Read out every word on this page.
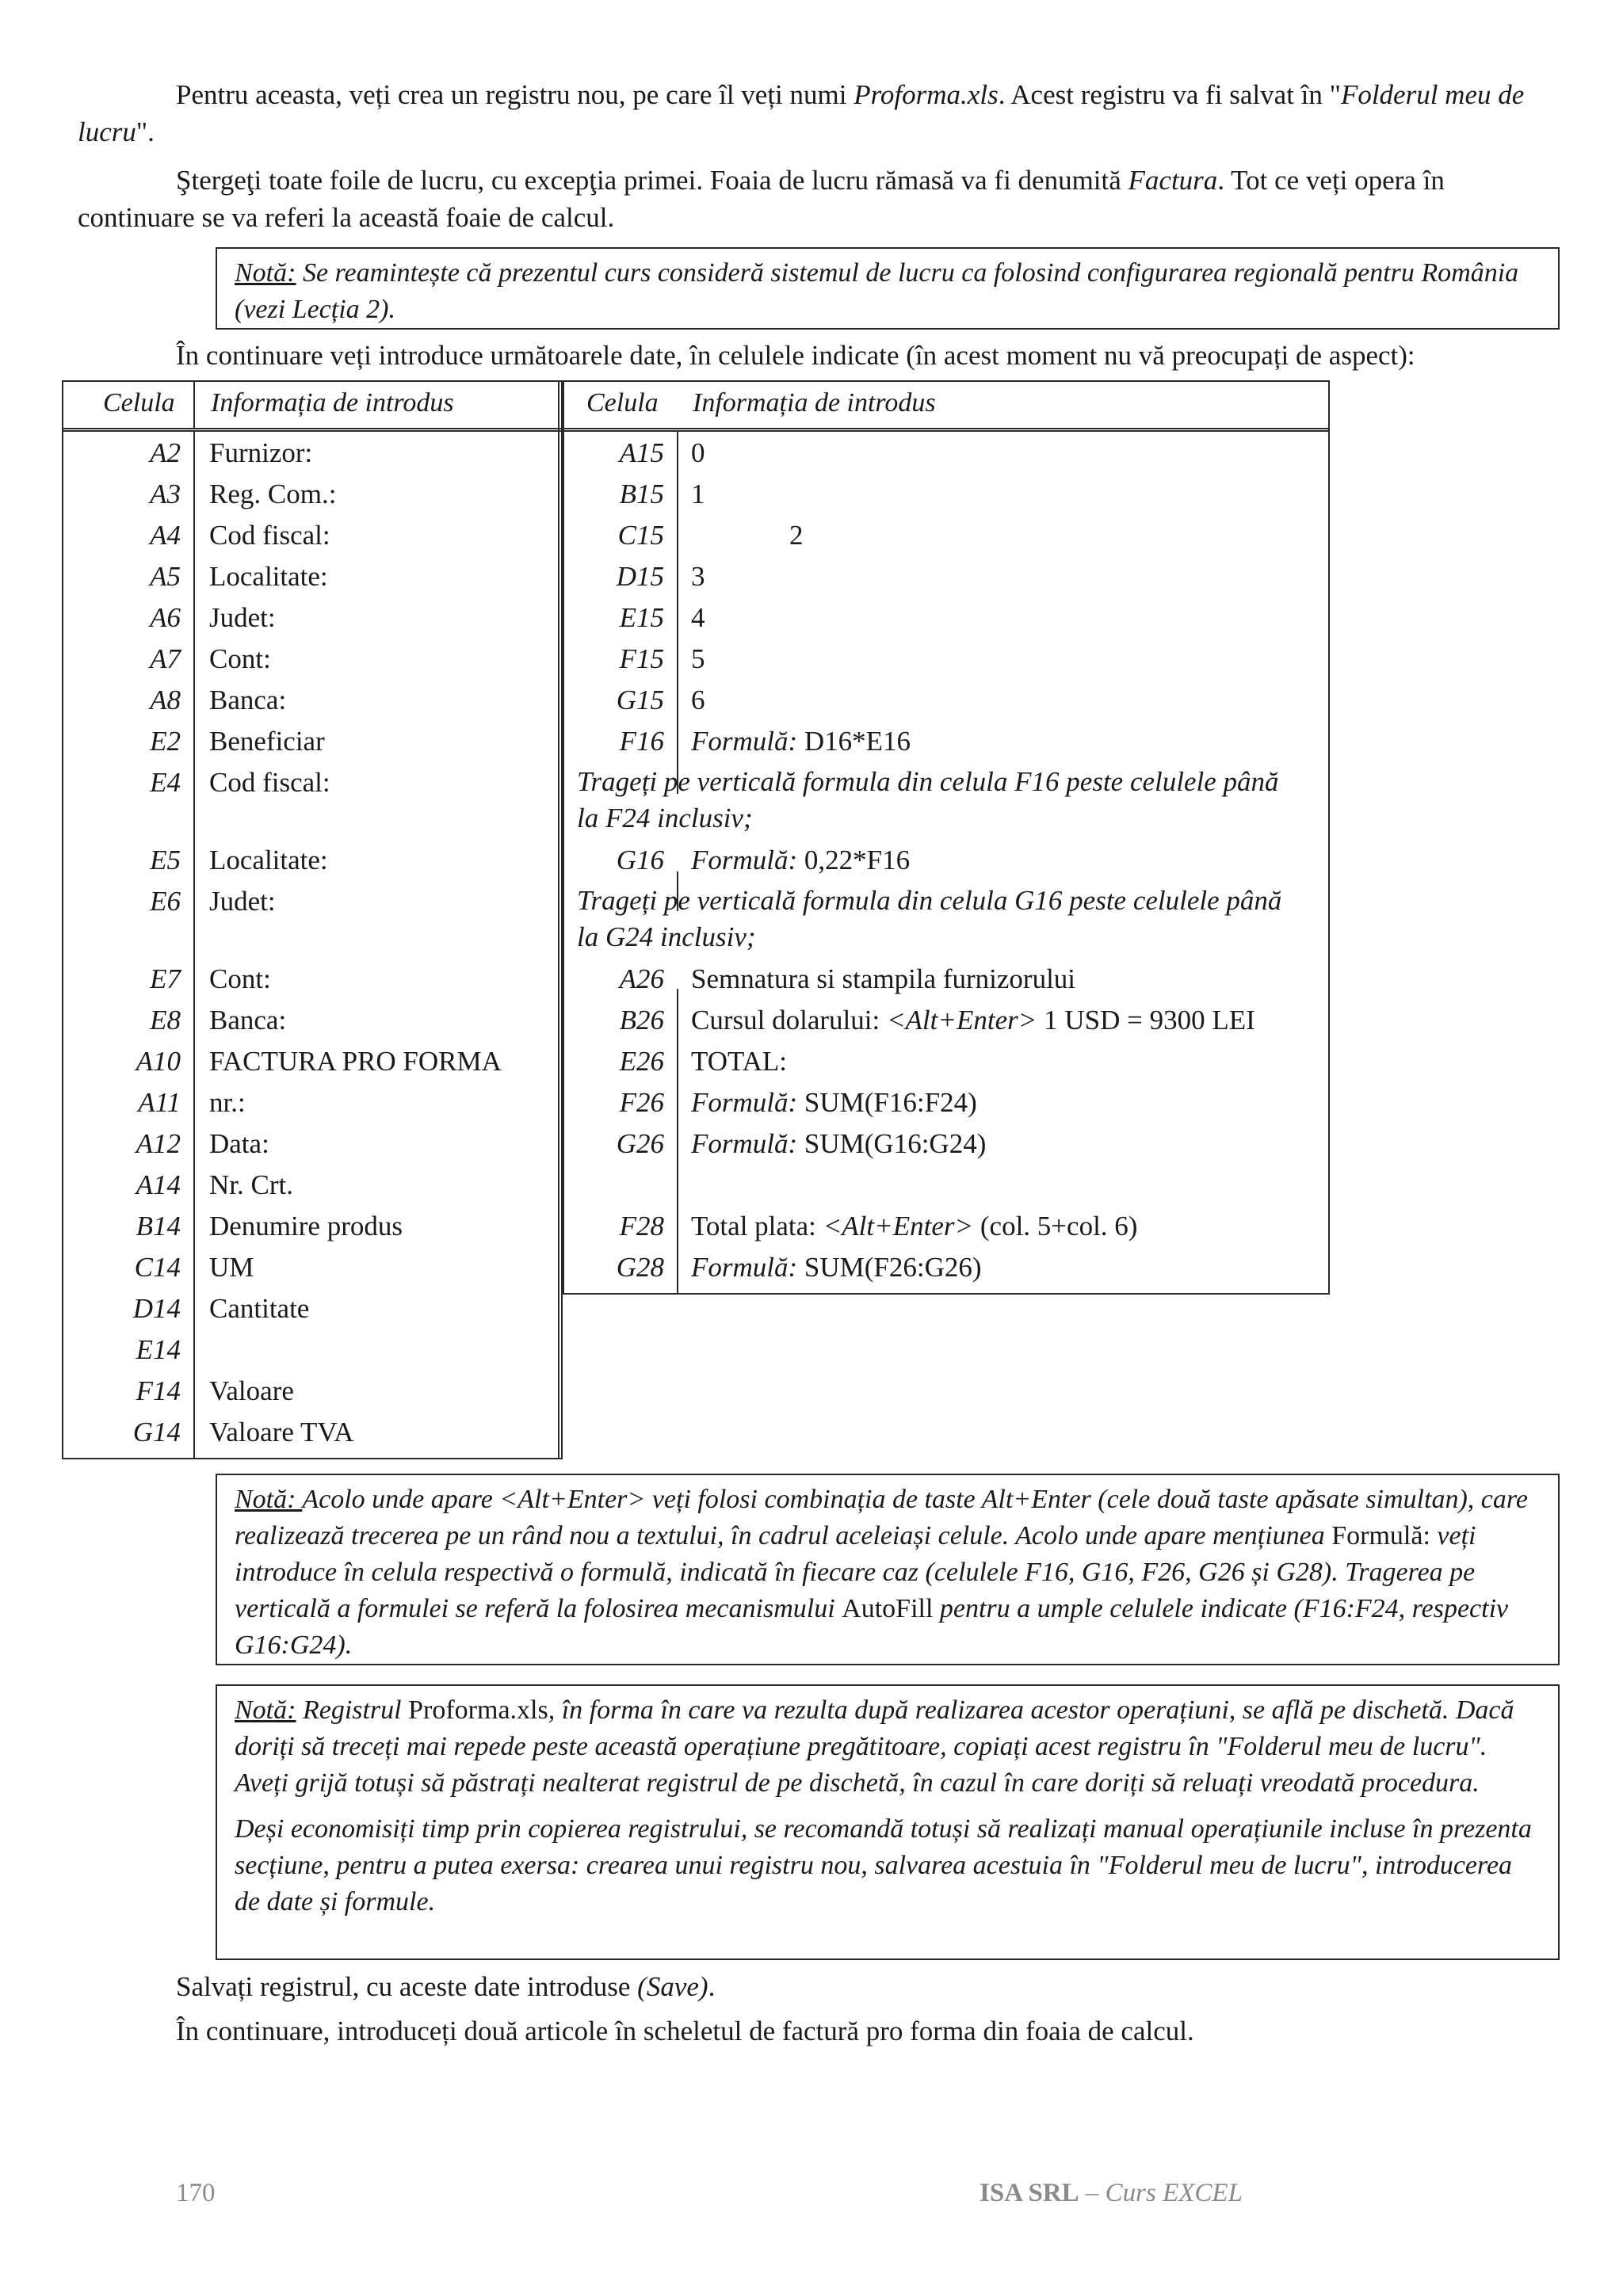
Pentru aceasta, veți crea un registru nou, pe care îl veți numi Proforma.xls. Acest registru va fi salvat în "Folderul meu de lucru".
Ştergeţi toate foile de lucru, cu excepţia primei. Foaia de lucru rămasă va fi denumită Factura. Tot ce veți opera în continuare se va referi la această foaie de calcul.

Notă: Se reamintește că prezentul curs consideră sistemul de lucru ca folosind configurarea regională pentru România (vezi Lecția 2).

În continuare veți introduce următoarele date, în celulele indicate (în acest moment nu vă preocupați de aspect):
Celula Informația de introdus
A2 Furnizor:
A3 Reg. Com.:
A4 Cod fiscal:
A5 Localitate:
A6 Judet:
A7 Cont:
A8 Banca:
E2 Beneficiar
E4 Cod fiscal:
E5 Localitate:
E6 Judet:
E7 Cont:
E8 Banca:
A10 FACTURA PRO FORMA
A11 nr.:
A12 Data:
A14 Nr. Crt.
B14 Denumire produs
C14 UM
D14 Cantitate
E14
F14 Valoare
G14 Valoare TVA
Celula Informația de introdus
A15 0
B15 1
C15	2
D15 3
E15 4
F15 5
G15 6
F16 Formulă: D16*E16
Trageți pe verticală formula din celula F16 peste celulele până la F24 inclusiv;
G16 Formulă: 0,22*F16
Trageți pe verticală formula din celula G16 peste celulele până la G24 inclusiv;
A26 Semnatura si stampila furnizorului
B26 Cursul dolarului: <Alt+Enter> 1 USD = 9300 LEI
E26 TOTAL:
F26 Formulă: SUM(F16:F24)
G26 Formulă: SUM(G16:G24)
F28 Total plata: <Alt+Enter> (col. 5+col. 6)
G28 Formulă: SUM(F26:G26)

Notă: Acolo unde apare <Alt+Enter> veți folosi combinația de taste Alt+Enter (cele două taste apăsate simultan), care realizează trecerea pe un rând nou a textului, în cadrul aceleiași celule. Acolo unde apare mențiunea Formulă: veți introduce în celula respectivă o formulă, indicată în fiecare caz (celulele F16, G16, F26, G26 și G28). Tragerea pe verticală a formulei se referă la folosirea mecanismului AutoFill pentru a umple celulele indicate (F16:F24, respectiv G16:G24).

Notă: Registrul Proforma.xls, în forma în care va rezulta după realizarea acestor operațiuni, se află pe dischetă. Dacă doriți să treceți mai repede peste această operațiune pregătitoare, copiați acest registru în "Folderul meu de lucru". Aveți grijă totuși să păstrați nealterat registrul de pe dischetă, în cazul în care doriți să reluați vreodată procedura.

Deși economisiți timp prin copierea registrului, se recomandă totuși să realizați manual operațiunile incluse în prezenta secțiune, pentru a putea exersa: crearea unui registru nou, salvarea acestuia în "Folderul meu de lucru", introducerea de date și formule.

Salvați registrul, cu aceste date introduse (Save).
În continuare, introduceți două articole în scheletul de factură pro forma din foaia de calcul.
170	ISA SRL – Curs EXCEL
